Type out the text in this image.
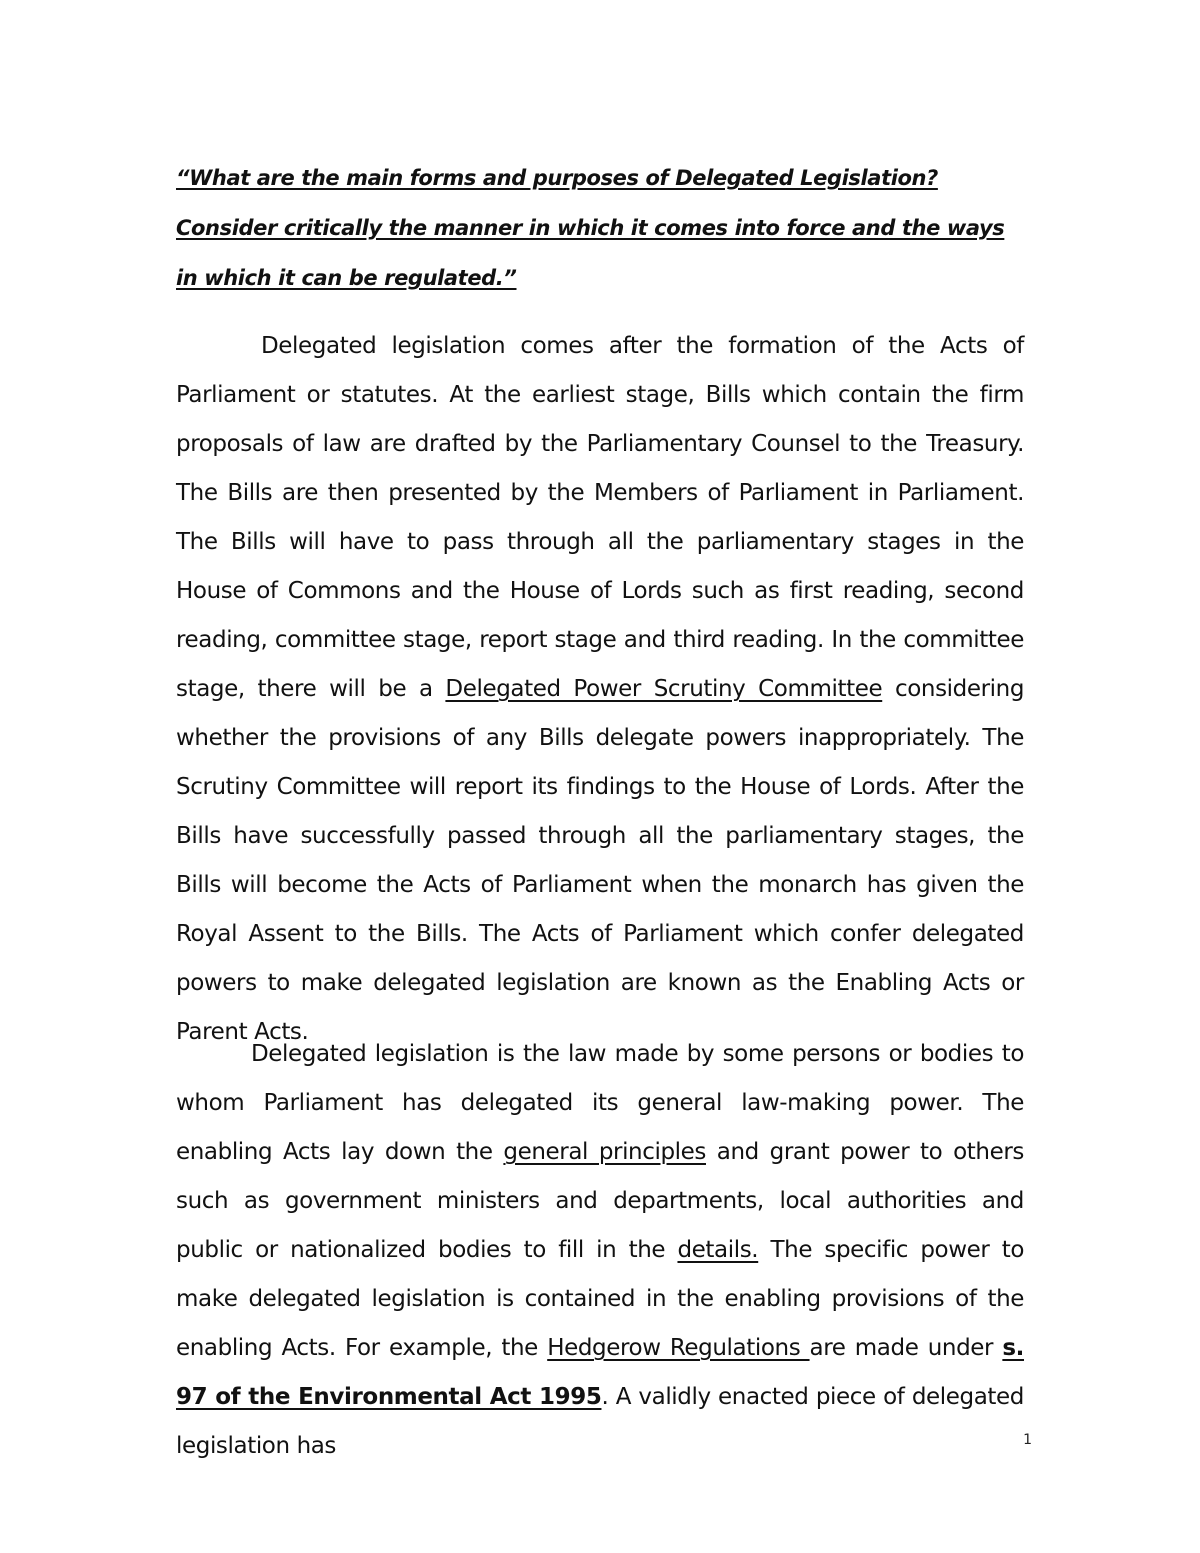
“What are the main forms and purposes of Delegated Legislation?
Consider critically the manner in which it comes into force and the ways
in which it can be regulated.”

Delegated legislation comes after the formation of the Acts of Parliament or statutes. At the earliest stage, Bills which contain the firm proposals of law are drafted by the Parliamentary Counsel to the Treasury. The Bills are then presented by the Members of Parliament in Parliament. The Bills will have to pass through all the parliamentary stages in the House of Commons and the House of Lords such as first reading, second reading, committee stage, report stage and third reading. In the committee stage, there will be a Delegated Power Scrutiny Committee considering whether the provisions of any Bills delegate powers inappropriately. The Scrutiny Committee will report its findings to the House of Lords. After the Bills have successfully passed through all the parliamentary stages, the Bills will become the Acts of Parliament when the monarch has given the Royal Assent to the Bills. The Acts of Parliament which confer delegated powers to make delegated legislation are known as the Enabling Acts or Parent Acts.

Delegated legislation is the law made by some persons or bodies to whom Parliament has delegated its general law-making power. The enabling Acts lay down the general principles and grant power to others such as government ministers and departments, local authorities and public or nationalized bodies to fill in the details. The specific power to make delegated legislation is contained in the enabling provisions of the enabling Acts. For example, the Hedgerow Regulations are made under s. 97 of the Environmental Act 1995. A validly enacted piece of delegated legislation has	1
